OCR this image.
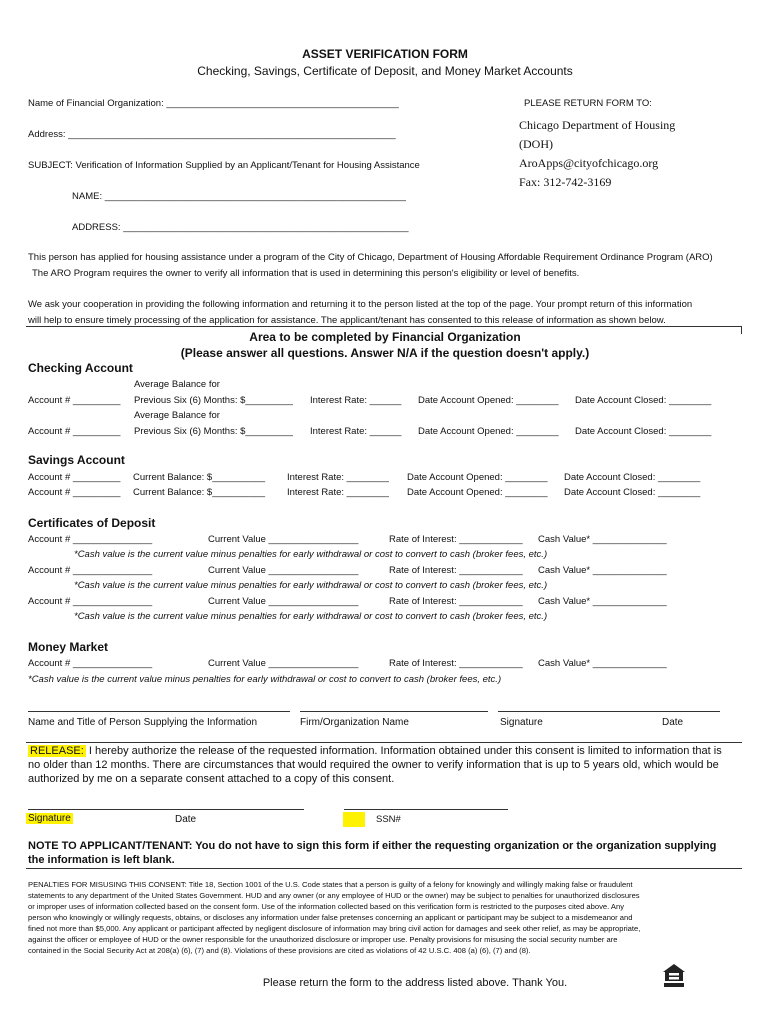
ASSET VERIFICATION FORM
Checking, Savings, Certificate of Deposit, and Money Market Accounts
Name of Financial Organization: ____________________________________________
Address: ______________________________________________________________
SUBJECT: Verification of Information Supplied by an Applicant/Tenant for Housing Assistance
NAME: _________________________________________________________
ADDRESS: ______________________________________________________
PLEASE RETURN FORM TO:
Chicago Department of Housing
(DOH)
AroApps@cityofchicago.org
Fax: 312-742-3169
This person has applied for housing assistance under a program of the City of Chicago, Department of Housing Affordable Requirement Ordinance Program (ARO)
The ARO Program requires the owner to verify all information that is used in determining this person's eligibility or level of benefits.
We ask your cooperation in providing the following information and returning it to the person listed at the top of the page. Your prompt return of this information
will help to ensure timely processing of the application for assistance. The applicant/tenant has consented to this release of information as shown below.
Area to be completed by Financial Organization
(Please answer all questions. Answer N/A if the question doesn't apply.)
Checking Account
Average Balance for
Account # _________ Previous Six (6) Months: $_________ Interest Rate: ______ Date Account Opened: ________ Date Account Closed: ________
Average Balance for
Account # _________ Previous Six (6) Months: $_________ Interest Rate: ______ Date Account Opened: ________ Date Account Closed: ________
Savings Account
Account # _________ Current Balance: $__________ Interest Rate: ________ Date Account Opened: ________ Date Account Closed: ________
Account # _________ Current Balance: $__________ Interest Rate: ________ Date Account Opened: ________ Date Account Closed: ________
Certificates of Deposit
Account # _______________	Current Value _________________	Rate of Interest: ____________ Cash Value* ______________
*Cash value is the current value minus penalties for early withdrawal or cost to convert to cash (broker fees, etc.)
Account # _______________	Current Value _________________	Rate of Interest: ____________ Cash Value* ______________
*Cash value is the current value minus penalties for early withdrawal or cost to convert to cash (broker fees, etc.)
Account # _______________	Current Value _________________	Rate of Interest: ____________ Cash Value* ______________
*Cash value is the current value minus penalties for early withdrawal or cost to convert to cash (broker fees, etc.)
Money Market
Account # _______________	Current Value _________________	Rate of Interest: ____________ Cash Value* ______________
*Cash value is the current value minus penalties for early withdrawal or cost to convert to cash (broker fees, etc.)
Name and Title of Person Supplying the Information	Firm/Organization Name	Signature	Date
RELEASE: I hereby authorize the release of the requested information. Information obtained under this consent is limited to information that is
no older than 12 months. There are circumstances that would required the owner to verify information that is up to 5 years old, which would be
authorized by me on a separate consent attached to a copy of this consent.
Signature	Date	SSN#
NOTE TO APPLICANT/TENANT: You do not have to sign this form if either the requesting organization or the organization supplying
the information is left blank.
PENALTIES FOR MISUSING THIS CONSENT: Title 18, Section 1001 of the U.S. Code states that a person is guilty of a felony for knowingly and willingly making false or fraudulent
statements to any department of the United States Government. HUD and any owner (or any employee of HUD or the owner) may be subject to penalties for unauthorized disclosures
or improper uses of information collected based on the consent form. Use of the information collected based on this verification form is restricted to the purposes cited above. Any
person who knowingly or willingly requests, obtains, or discloses any information under false pretenses concerning an applicant or participant may be subject to a misdemeanor and
fined not more than $5,000. Any applicant or participant affected by negligent disclosure of information may bring civil action for damages and seek other relief, as may be appropriate,
against the officer or employee of HUD or the owner responsible for the unauthorized disclosure or improper use. Penalty provisions for misusing the social security number are
contained in the Social Security Act at 208(a) (6), (7) and (8). Violations of these provisions are cited as violations of 42 U.S.C. 408 (a) (6), (7) and (8).
Please return the form to the address listed above. Thank You.
